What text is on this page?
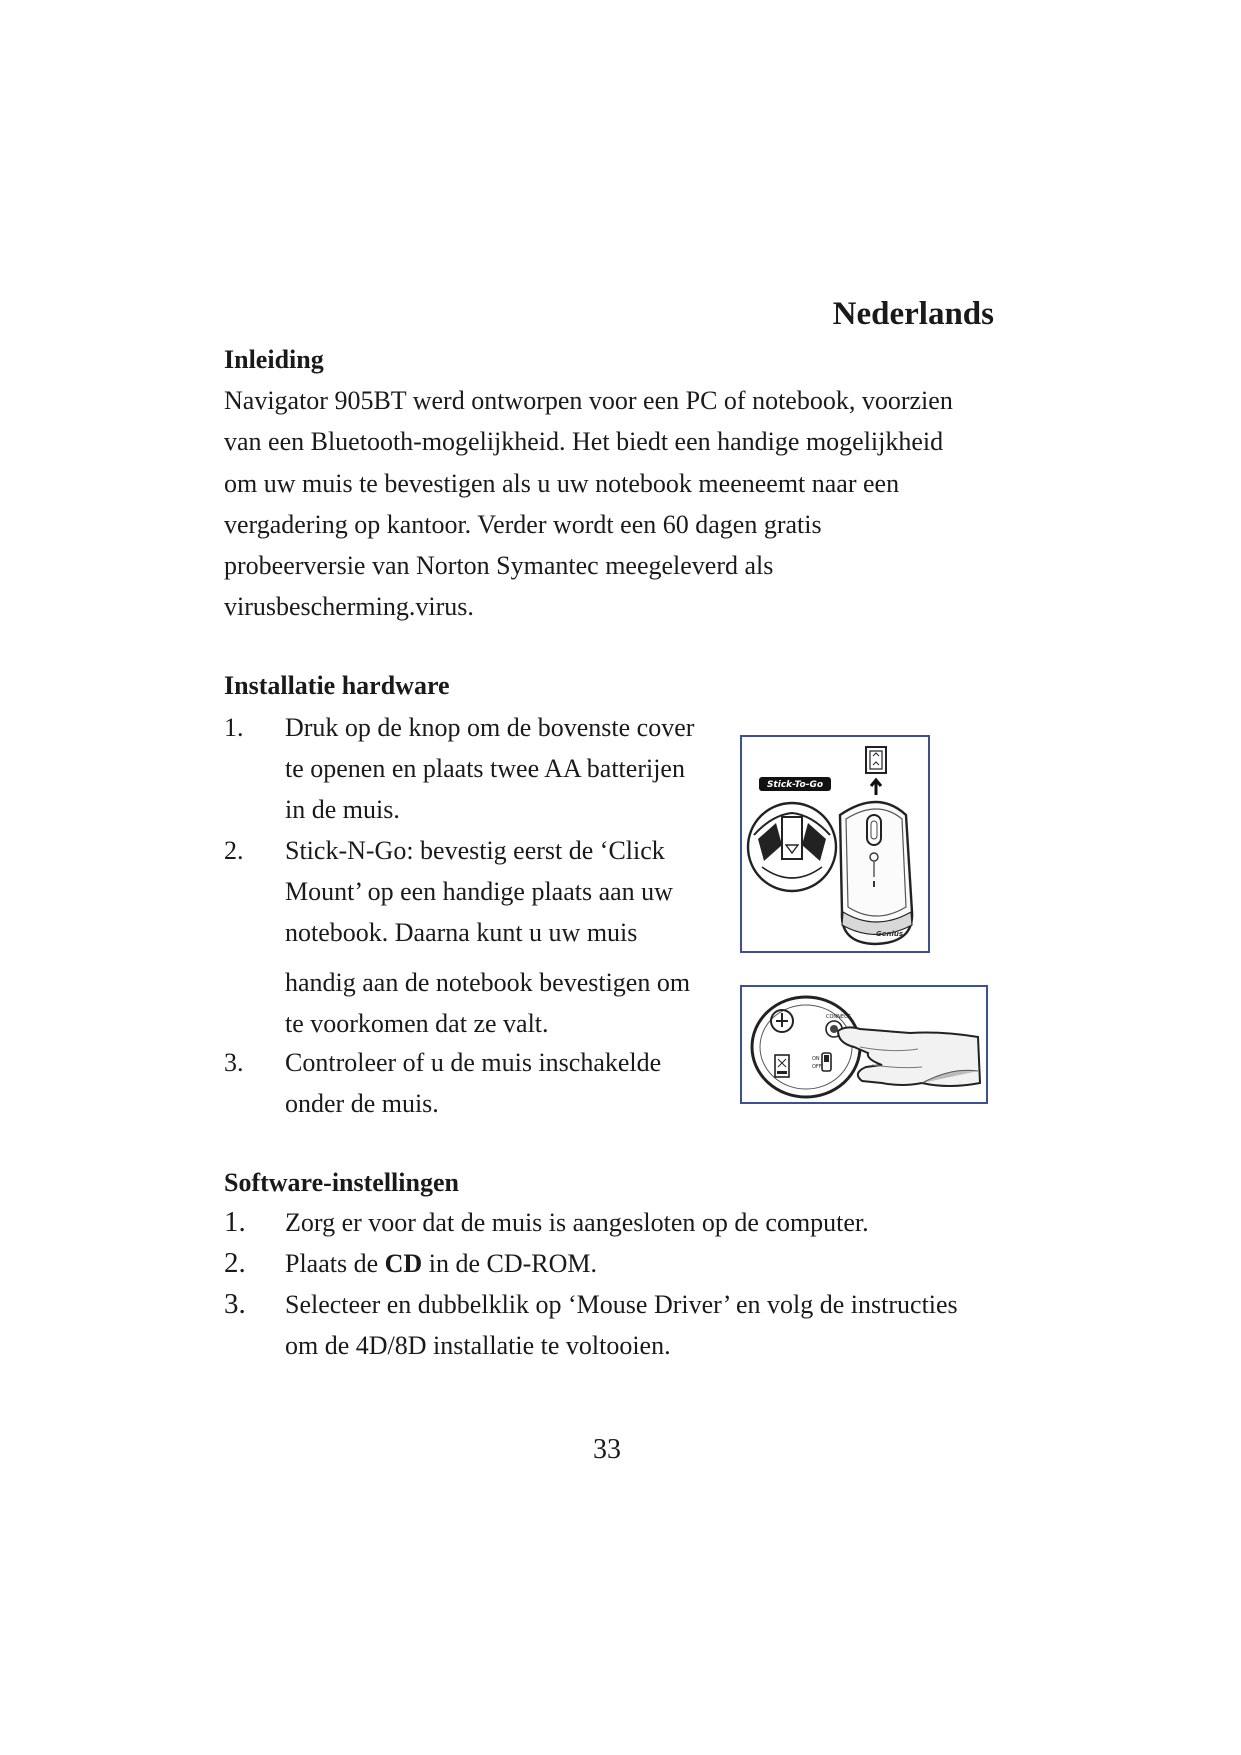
Nederlands
Inleiding

Navigator 905BT werd ontworpen voor een PC of notebook, voorzien
van een Bluetooth-mogelijkheid. Het biedt een handige mogelijkheid
om uw muis te bevestigen als u uw notebook meeneemt naar een
vergadering op kantoor. Verder wordt een 60 dagen gratis
probeerversie van Norton Symantec meegeleverd als
virusbescherming.virus.

Installatie hardware
1. Druk op de knop om de bovenste cover
te openen en plaats twee AA batterijen
in de muis.
2. Stick-N-Go: bevestig eerst de ‘Click
Mount’ op een handige plaats aan uw
notebook. Daarna kunt u uw muis
handig aan de notebook bevestigen om
te voorkomen dat ze valt.
3. Controleer of u de muis inschakelde
onder de muis.
Genius
Stick-To-Go
CONNECT
ON
OFF
Software-instellingen
1. Zorg er voor dat de muis is aangesloten op de computer.
2. Plaats de CD in de CD-ROM.
3. Selecteer en dubbelklik op ‘Mouse Driver’ en volg de instructies
om de 4D/8D installatie te voltooien.

33
